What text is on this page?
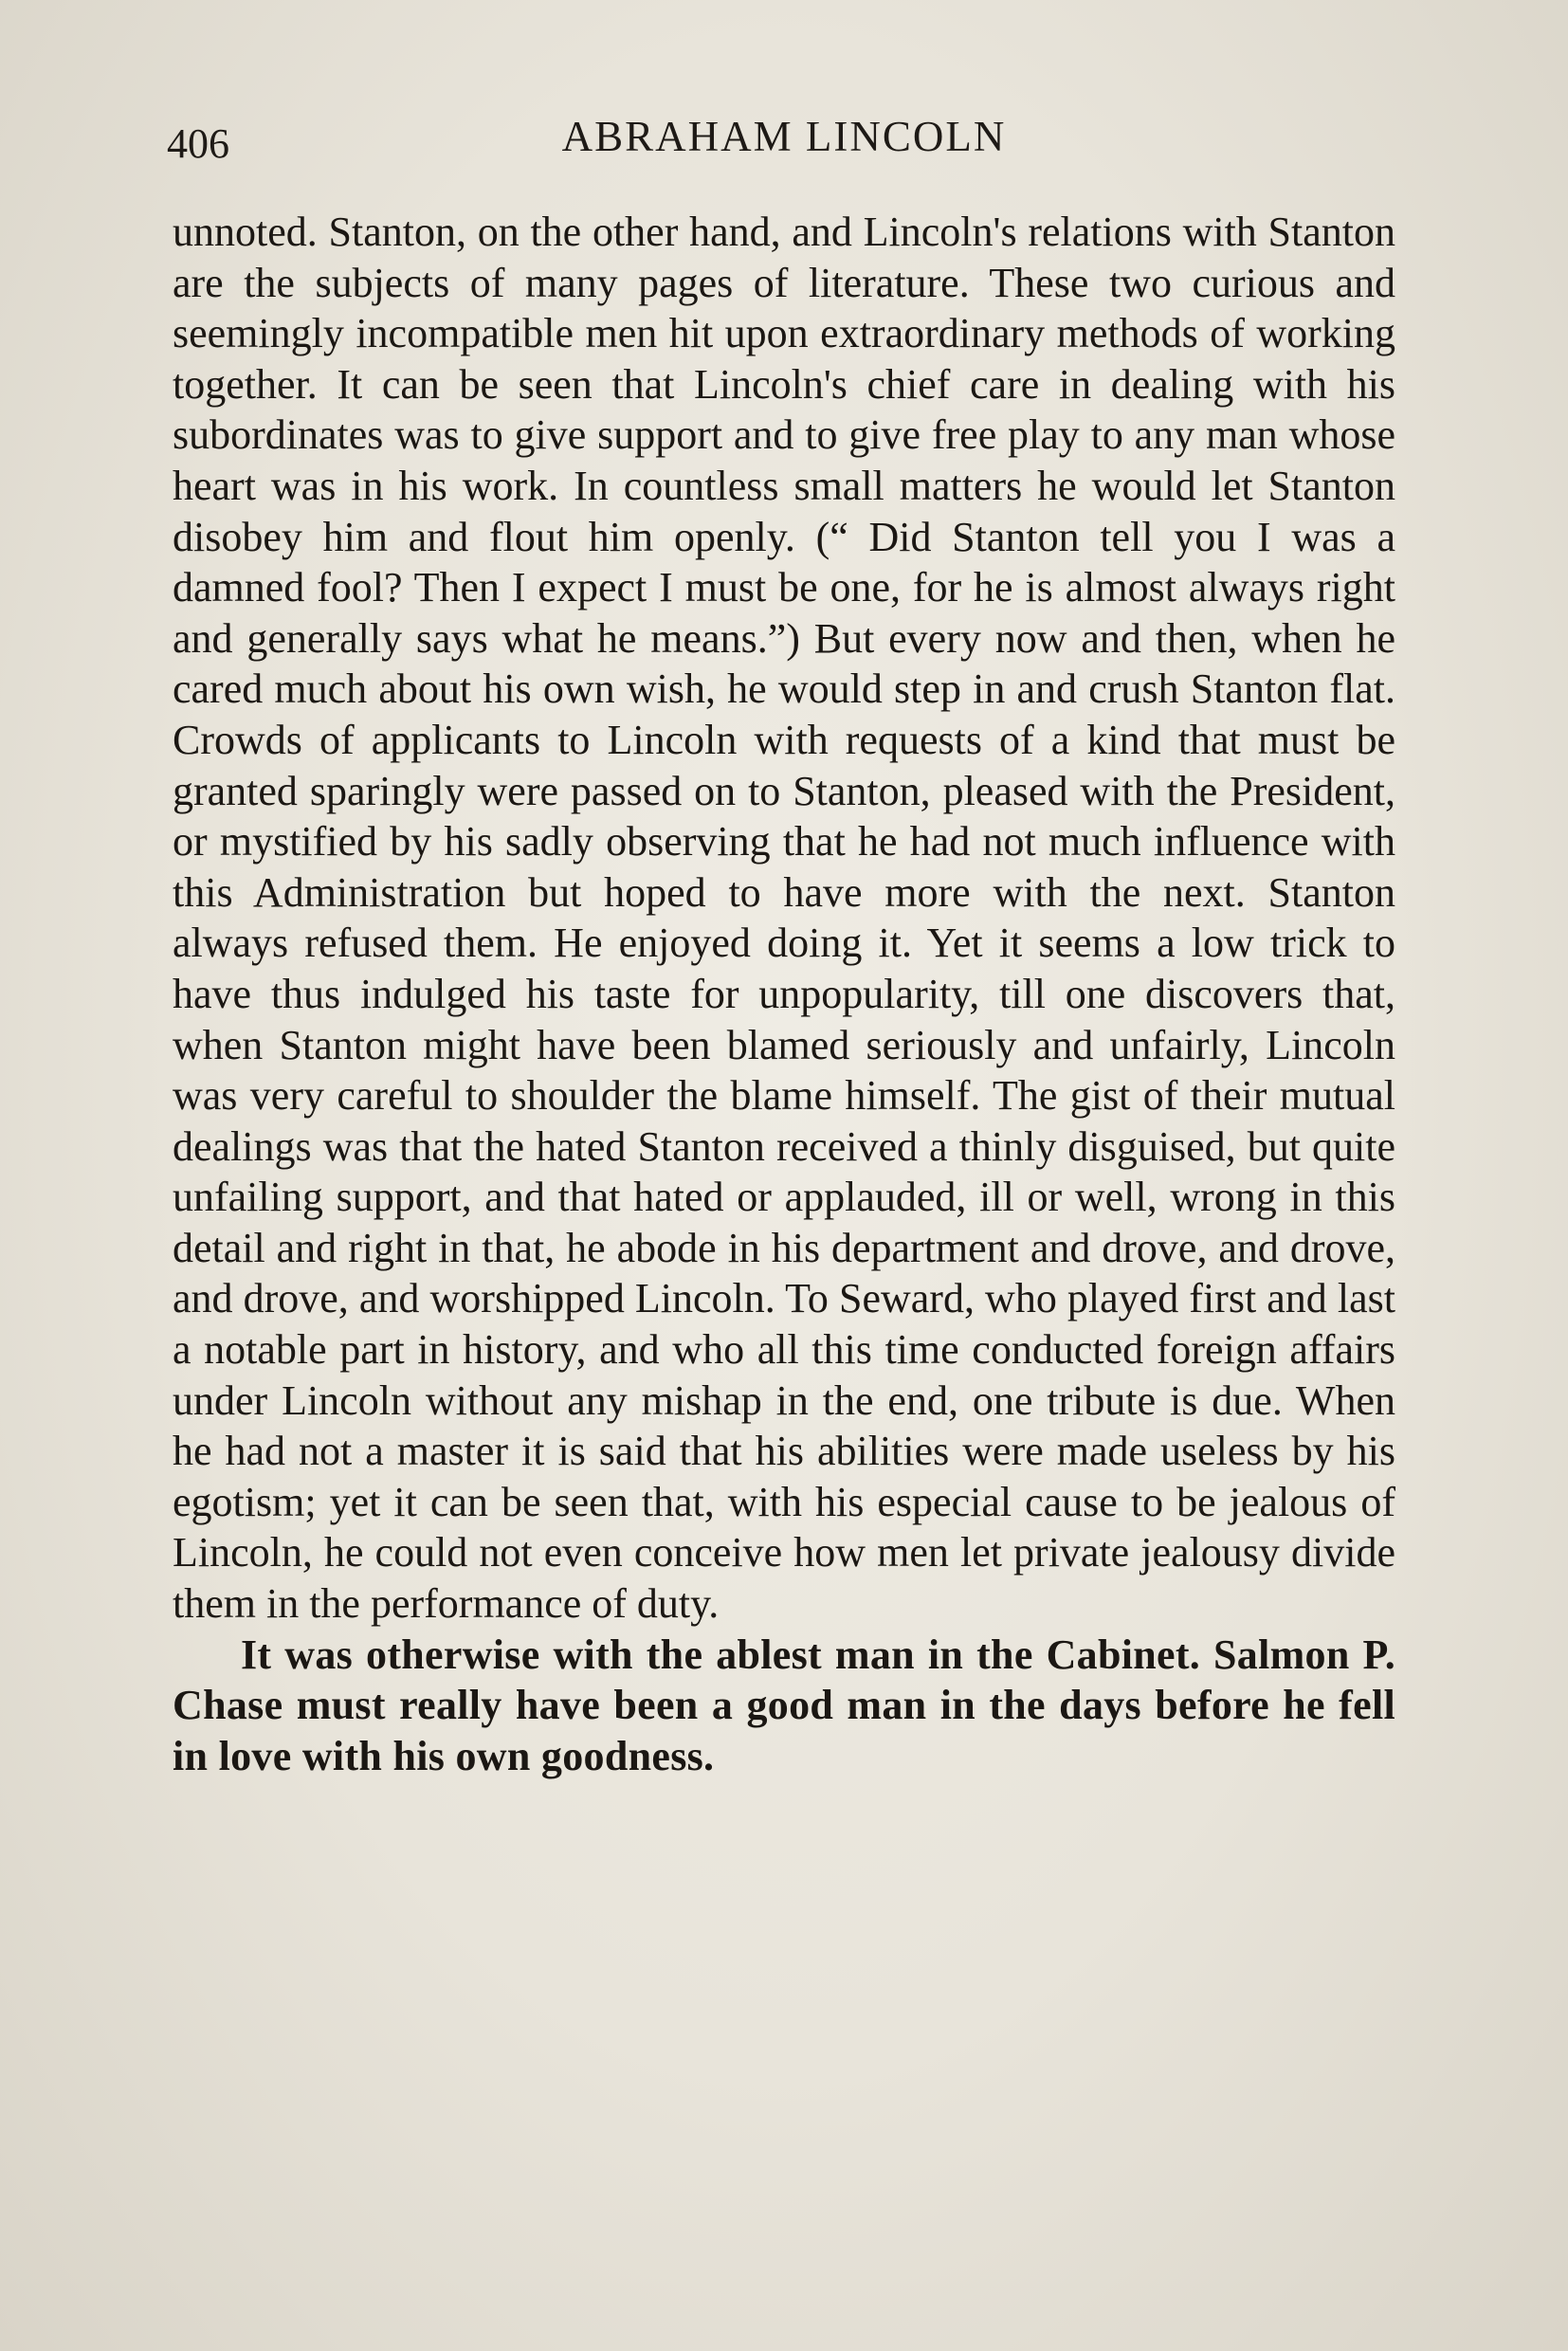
406	ABRAHAM LINCOLN

unnoted. Stanton, on the other hand, and Lincoln's relations with Stanton are the subjects of many pages of literature. These two curious and seemingly incompatible men hit upon extraordinary methods of working together. It can be seen that Lincoln's chief care in dealing with his subordinates was to give support and to give free play to any man whose heart was in his work. In countless small matters he would let Stanton disobey him and flout him openly. (“ Did Stanton tell you I was a damned fool? Then I expect I must be one, for he is almost always right and generally says what he means.”) But every now and then, when he cared much about his own wish, he would step in and crush Stanton flat. Crowds of applicants to Lincoln with requests of a kind that must be granted sparingly were passed on to Stanton, pleased with the President, or mystified by his sadly observing that he had not much influence with this Administration but hoped to have more with the next. Stanton always refused them. He enjoyed doing it. Yet it seems a low trick to have thus indulged his taste for unpopularity, till one discovers that, when Stanton might have been blamed seriously and unfairly, Lincoln was very careful to shoulder the blame himself. The gist of their mutual dealings was that the hated Stanton received a thinly disguised, but quite unfailing support, and that hated or applauded, ill or well, wrong in this detail and right in that, he abode in his department and drove, and drove, and drove, and worshipped Lincoln. To Seward, who played first and last a notable part in history, and who all this time conducted foreign affairs under Lincoln without any mishap in the end, one tribute is due. When he had not a master it is said that his abilities were made useless by his egotism; yet it can be seen that, with his especial cause to be jealous of Lincoln, he could not even conceive how men let private jealousy divide them in the performance of duty.

It was otherwise with the ablest man in the Cabinet. Salmon P. Chase must really have been a good man in the days before he fell in love with his own goodness.
